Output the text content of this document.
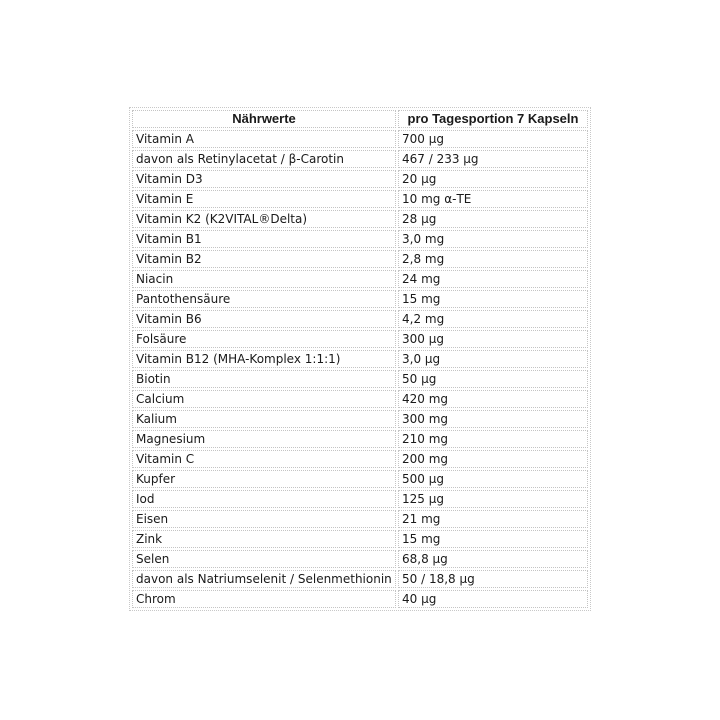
Nährwerte	pro Tagesportion 7 Kapseln
Vitamin A	700 µg
davon als Retinylacetat / β-Carotin	467 / 233 µg
Vitamin D3	20 µg
Vitamin E	10 mg α-TE
Vitamin K2 (K2VITAL®Delta)	28 µg
Vitamin B1	3,0 mg
Vitamin B2	2,8 mg
Niacin	24 mg
Pantothensäure	15 mg
Vitamin B6	4,2 mg
Folsäure	300 µg
Vitamin B12 (MHA-Komplex 1:1:1)	3,0 µg
Biotin	50 µg
Calcium	420 mg
Kalium	300 mg
Magnesium	210 mg
Vitamin C	200 mg
Kupfer	500 µg
Iod	125 µg
Eisen	21 mg
Zink	15 mg
Selen	68,8 µg
davon als Natriumselenit / Selenmethionin	50 / 18,8 µg
Chrom	40 µg
